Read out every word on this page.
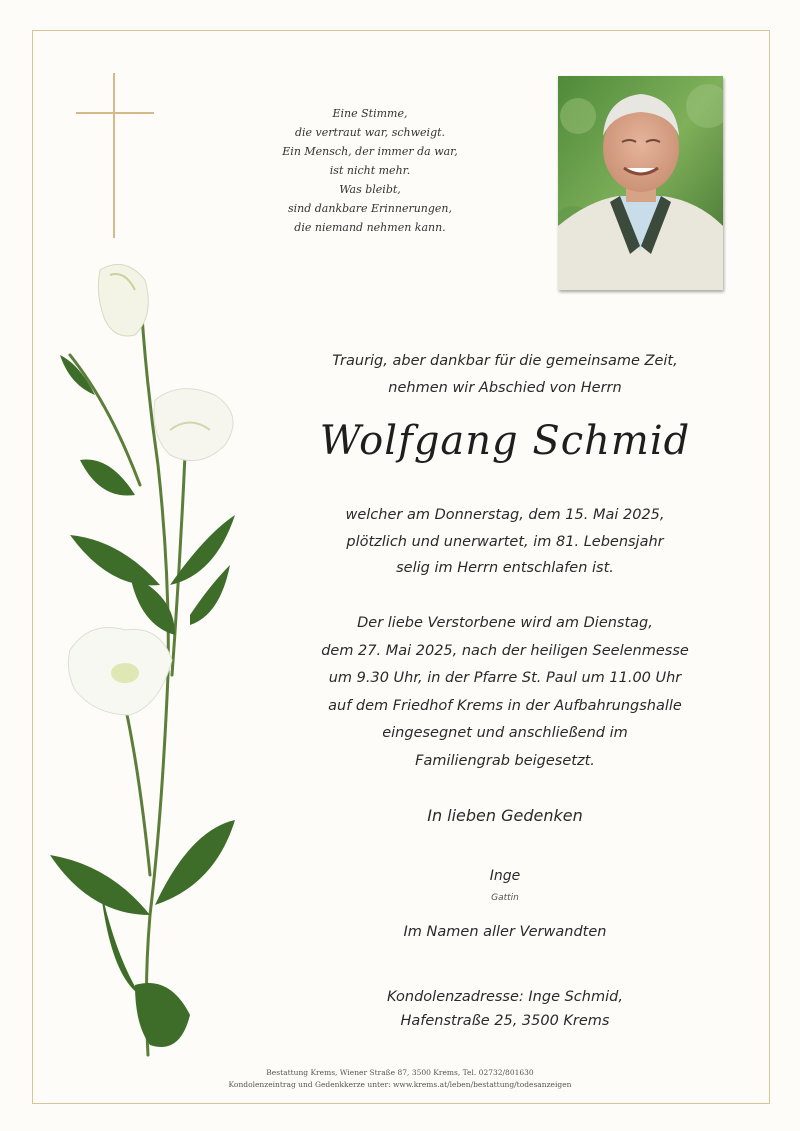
Eine Stimme,
die vertraut war, schweigt.
Ein Mensch, der immer da war,
ist nicht mehr.
Was bleibt,
sind dankbare Erinnerungen,
die niemand nehmen kann.
Traurig, aber dankbar für die gemeinsame Zeit,
nehmen wir Abschied von Herrn
Wolfgang Schmid
welcher am Donnerstag, dem 15. Mai 2025,
plötzlich und unerwartet, im 81. Lebensjahr
selig im Herrn entschlafen ist.
Der liebe Verstorbene wird am Dienstag,
dem 27. Mai 2025, nach der heiligen Seelenmesse
um 9.30 Uhr, in der Pfarre St. Paul um 11.00 Uhr
auf dem Friedhof Krems in der Aufbahrungshalle
eingesegnet und anschließend im
Familiengrab beigesetzt.
In lieben Gedenken
Inge
Gattin
Im Namen aller Verwandten
Kondolenzadresse: Inge Schmid,
Hafenstraße 25, 3500 Krems
Bestattung Krems, Wiener Straße 87, 3500 Krems, Tel. 02732/801630
Kondolenzeintrag und Gedenkkerze unter: www.krems.at/leben/bestattung/todesanzeigen
